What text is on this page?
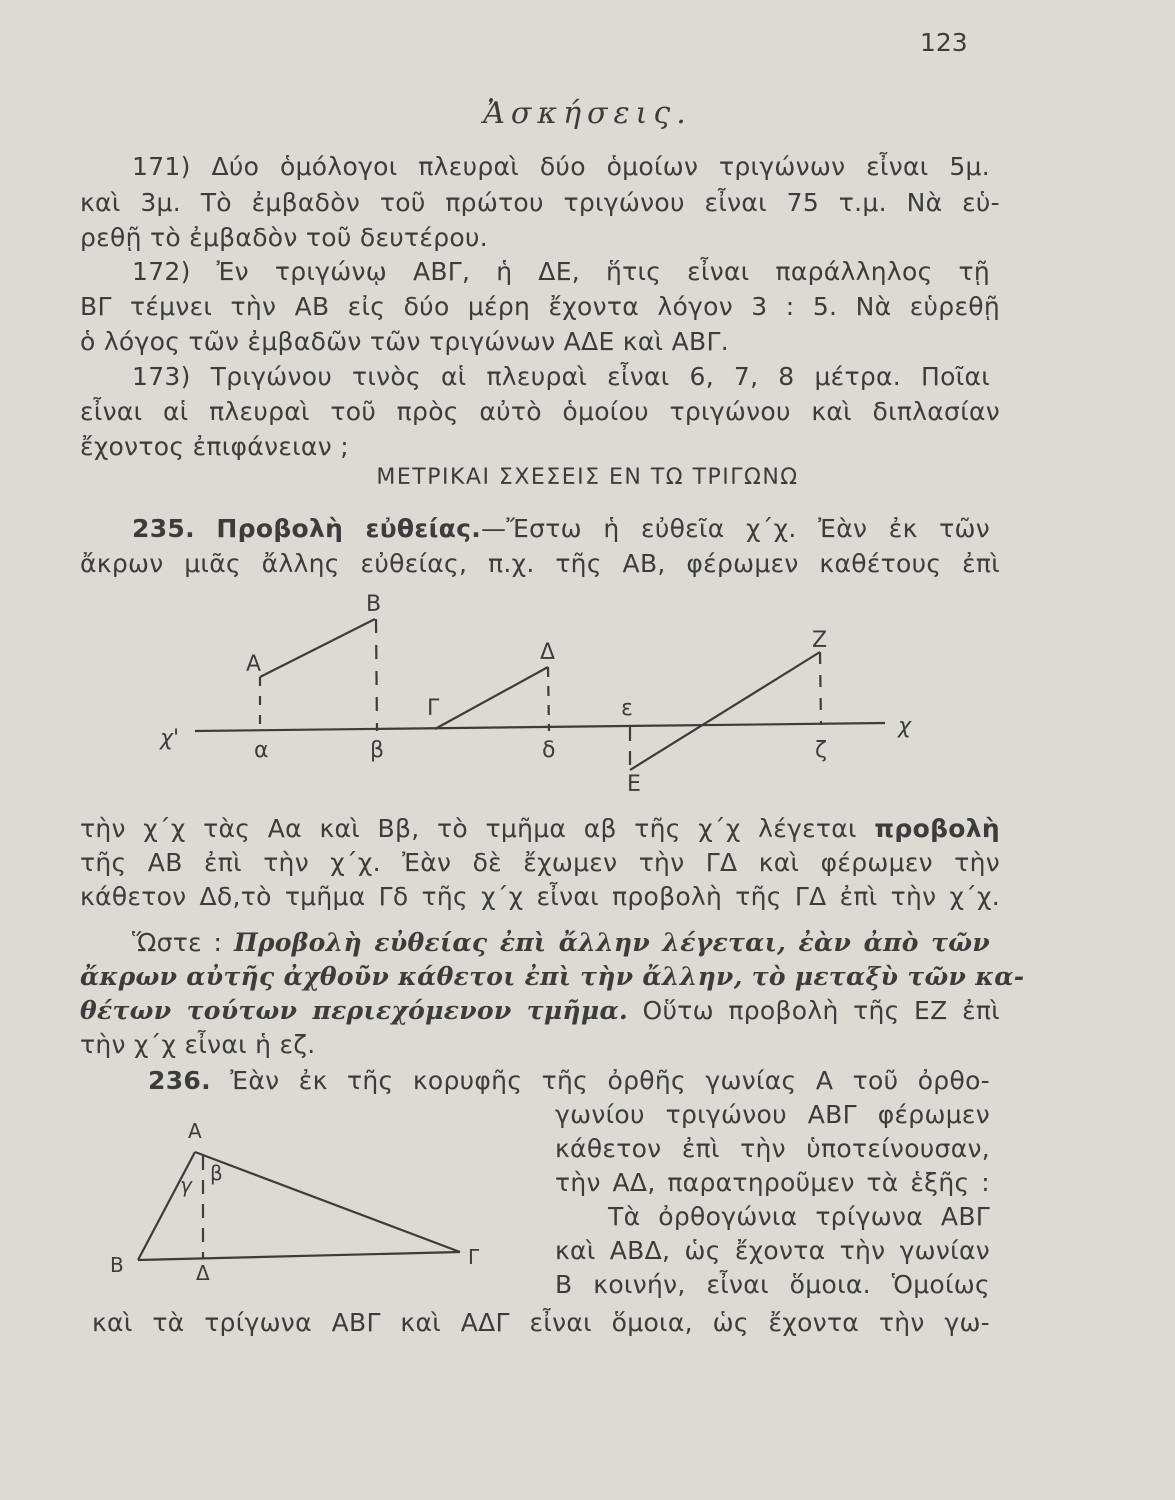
123
Ἀσκήσεις.

171) Δύο ὁμόλογοι πλευραὶ δύο ὁμοίων τριγώνων εἶναι 5μ.

καὶ 3μ. Τὸ ἐμβαδὸν τοῦ πρώτου τριγώνου εἶναι 75 τ.μ. Νὰ εὑ-

ρεθῇ τὸ ἐμβαδὸν τοῦ δευτέρου.

172) Ἐν τριγώνῳ ΑΒΓ, ἡ ΔΕ, ἥτις εἶναι παράλληλος τῇ

ΒΓ τέμνει τὴν ΑΒ εἰς δύο μέρη ἔχοντα λόγον 3 : 5. Νὰ εὑρεθῇ

ὁ λόγος τῶν ἐμβαδῶν τῶν τριγώνων ΑΔΕ καὶ ΑΒΓ.

173) Τριγώνου τινὸς αἱ πλευραὶ εἶναι 6, 7, 8 μέτρα. Ποῖαι

εἶναι αἱ πλευραὶ τοῦ πρὸς αὐτὸ ὁμοίου τριγώνου καὶ διπλασίαν

ἔχοντος ἐπιφάνειαν ;

ΜΕΤΡΙΚΑΙ ΣΧΕΣΕΙΣ ΕΝ ΤΩ ΤΡΙΓΩΝΩ

235. Προβολὴ εὐθείας.—Ἔστω ἡ εὐθεῖα χ΄χ. Ἐὰν ἐκ τῶν

ἄκρων μιᾶς ἄλλης εὐθείας, π.χ. τῆς ΑΒ, φέρωμεν καθέτους ἐπὶ

Α
Β
Γ
Δ
Ε
Ζ
χ'	χ
α	β	δ
ε
ζ

τὴν χ΄χ τὰς Αα καὶ Ββ, τὸ τμῆμα αβ τῆς χ΄χ λέγεται προβολὴ

τῆς ΑΒ ἐπὶ τὴν χ΄χ. Ἐὰν δὲ ἔχωμεν τὴν ΓΔ καὶ φέρωμεν τὴν

κάθετον Δδ,τὸ τμῆμα Γδ τῆς χ΄χ εἶναι προβολὴ τῆς ΓΔ ἐπὶ τὴν χ΄χ.

Ὥστε : Προβολὴ εὐθείας ἐπὶ ἄλλην λέγεται, ἐὰν ἀπὸ τῶν

ἄκρων αὐτῆς ἀχθοῦν κάθετοι ἐπὶ τὴν ἄλλην, τὸ μεταξὺ τῶν κα-

θέτων τούτων περιεχόμενον τμῆμα. Οὕτω προβολὴ τῆς ΕΖ ἐπὶ

τὴν χ΄χ εἶναι ἡ εζ.

236. Ἐὰν ἐκ τῆς κορυφῆς τῆς ὀρθῆς γωνίας Α τοῦ ὀρθο-

γωνίου τριγώνου ΑΒΓ φέρωμεν

κάθετον ἐπὶ τὴν ὑποτείνουσαν,

τὴν ΑΔ, παρατηροῦμεν τὰ ἑξῆς :

Τὰ ὀρθογώνια τρίγωνα ΑΒΓ

καὶ ΑΒΔ, ὡς ἔχοντα τὴν γωνίαν

Β κοινήν, εἶναι ὅμοια. Ὁμοίως

καὶ τὰ τρίγωνα ΑΒΓ καὶ ΑΔΓ εἶναι ὅμοια, ὡς ἔχοντα τὴν γω-

Α
Β	Γ
Δ
β
γ
